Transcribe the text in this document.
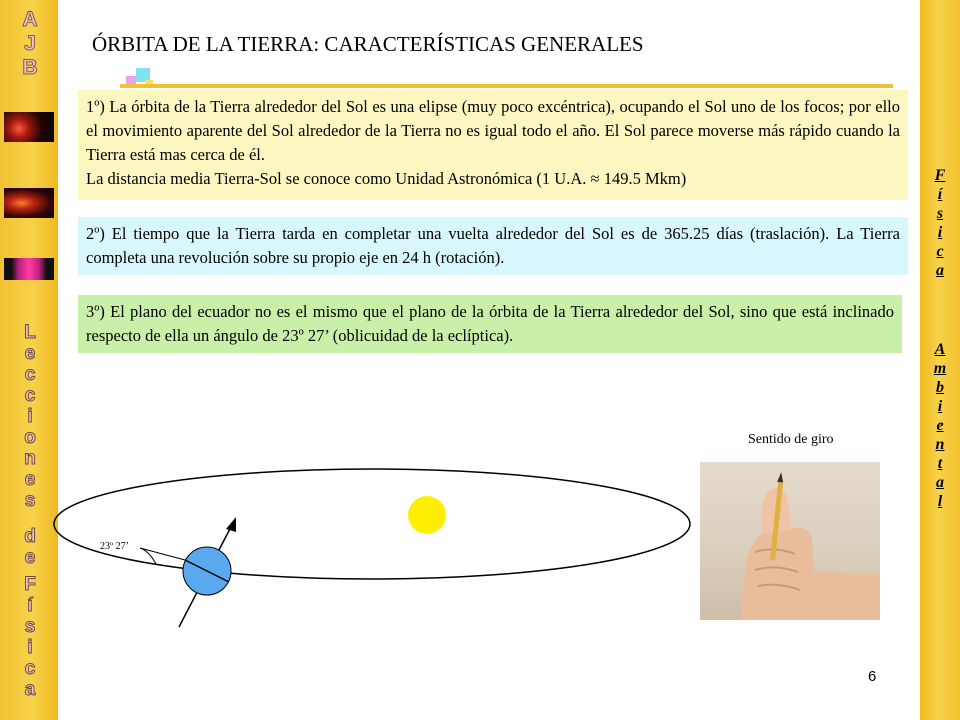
A
J
B
L
e
c
c
i
o
n
e
s
d
e
F
í
s
i
c
a
F
í
s
i
c
a
A
m
b
i
e
n
t
a
l
ÓRBITA DE LA TIERRA: CARACTERÍSTICAS GENERALES
1º) La órbita de la Tierra alrededor del Sol es una elipse (muy poco excéntrica), ocupando el Sol uno de los focos; por ello el movimiento aparente del Sol alrededor de la Tierra no es igual todo el año. El Sol parece moverse más rápido cuando la Tierra está mas cerca de él.
La distancia media Tierra-Sol se conoce como Unidad Astronómica (1 U.A. ≈ 149.5 Mkm)
2º) El tiempo que la Tierra tarda en completar una vuelta alrededor del Sol es de 365.25 días (traslación). La Tierra completa una revolución sobre su propio eje en 24 h (rotación).
3º) El plano del ecuador no es el mismo que el plano de la órbita de la Tierra alrededor del Sol, sino que está inclinado respecto de ella un ángulo de 23º 27’ (oblicuidad de la eclíptica).
23º 27’
Sentido de giro
6
